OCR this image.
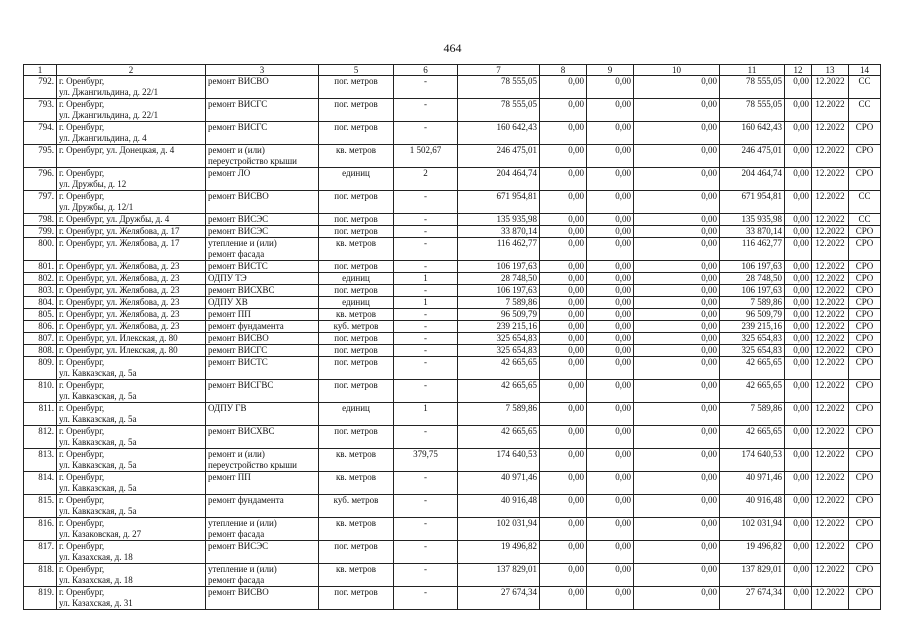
464
1	2	3	5	6	7	8	9	10	11	12	13	14
792.	г. Оренбург,
ул. Джангильдина, д. 22/1	ремонт ВИСВО	пог. метров	-	78 555,05	0,00	0,00	0,00	78 555,05	0,00	12.2022	СС
793.	г. Оренбург,
ул. Джангильдина, д. 22/1	ремонт ВИСГС	пог. метров	-	78 555,05	0,00	0,00	0,00	78 555,05	0,00	12.2022	СС
794.	г. Оренбург,
ул. Джангильдина, д. 4	ремонт ВИСГС	пог. метров	-	160 642,43	0,00	0,00	0,00	160 642,43	0,00	12.2022	СРО
795.	г. Оренбург, ул. Донецкая, д. 4	ремонт и (или)
переустройство крыши	кв. метров	1 502,67	246 475,01	0,00	0,00	0,00	246 475,01	0,00	12.2022	СРО
796.	г. Оренбург,
ул. Дружбы, д. 12	ремонт ЛО	единиц	2	204 464,74	0,00	0,00	0,00	204 464,74	0,00	12.2022	СРО
797.	г. Оренбург,
ул. Дружбы, д. 12/1	ремонт ВИСВО	пог. метров	-	671 954,81	0,00	0,00	0,00	671 954,81	0,00	12.2022	СС
798.	г. Оренбург, ул. Дружбы, д. 4	ремонт ВИСЭС	пог. метров	-	135 935,98	0,00	0,00	0,00	135 935,98	0,00	12.2022	СС
799.	г. Оренбург, ул. Желябова, д. 17	ремонт ВИСЭС	пог. метров	-	33 870,14	0,00	0,00	0,00	33 870,14	0,00	12.2022	СРО
800.	г. Оренбург, ул. Желябова, д. 17	утепление и (или)
ремонт фасада	кв. метров	-	116 462,77	0,00	0,00	0,00	116 462,77	0,00	12.2022	СРО
801.	г. Оренбург, ул. Желябова, д. 23	ремонт ВИСТС	пог. метров	-	106 197,63	0,00	0,00	0,00	106 197,63	0,00	12.2022	СРО
802.	г. Оренбург, ул. Желябова, д. 23	ОДПУ ТЭ	единиц	1	28 748,50	0,00	0,00	0,00	28 748,50	0,00	12.2022	СРО
803.	г. Оренбург, ул. Желябова, д. 23	ремонт ВИСХВС	пог. метров	-	106 197,63	0,00	0,00	0,00	106 197,63	0,00	12.2022	СРО
804.	г. Оренбург, ул. Желябова, д. 23	ОДПУ ХВ	единиц	1	7 589,86	0,00	0,00	0,00	7 589,86	0,00	12.2022	СРО
805.	г. Оренбург, ул. Желябова, д. 23	ремонт ПП	кв. метров	-	96 509,79	0,00	0,00	0,00	96 509,79	0,00	12.2022	СРО
806.	г. Оренбург, ул. Желябова, д. 23	ремонт фундамента	куб. метров	-	239 215,16	0,00	0,00	0,00	239 215,16	0,00	12.2022	СРО
807.	г. Оренбург, ул. Илекская, д. 80	ремонт ВИСВО	пог. метров	-	325 654,83	0,00	0,00	0,00	325 654,83	0,00	12.2022	СРО
808.	г. Оренбург, ул. Илекская, д. 80	ремонт ВИСГС	пог. метров	-	325 654,83	0,00	0,00	0,00	325 654,83	0,00	12.2022	СРО
809.	г. Оренбург,
ул. Кавказская, д. 5а	ремонт ВИСТС	пог. метров	-	42 665,65	0,00	0,00	0,00	42 665,65	0,00	12.2022	СРО
810.	г. Оренбург,
ул. Кавказская, д. 5а	ремонт ВИСГВС	пог. метров	-	42 665,65	0,00	0,00	0,00	42 665,65	0,00	12.2022	СРО
811.	г. Оренбург,
ул. Кавказская, д. 5а	ОДПУ ГВ	единиц	1	7 589,86	0,00	0,00	0,00	7 589,86	0,00	12.2022	СРО
812.	г. Оренбург,
ул. Кавказская, д. 5а	ремонт ВИСХВС	пог. метров	-	42 665,65	0,00	0,00	0,00	42 665,65	0,00	12.2022	СРО
813.	г. Оренбург,
ул. Кавказская, д. 5а	ремонт и (или)
переустройство крыши	кв. метров	379,75	174 640,53	0,00	0,00	0,00	174 640,53	0,00	12.2022	СРО
814.	г. Оренбург,
ул. Кавказская, д. 5а	ремонт ПП	кв. метров	-	40 971,46	0,00	0,00	0,00	40 971,46	0,00	12.2022	СРО
815.	г. Оренбург,
ул. Кавказская, д. 5а	ремонт фундамента	куб. метров	-	40 916,48	0,00	0,00	0,00	40 916,48	0,00	12.2022	СРО
816.	г. Оренбург,
ул. Казаковская, д. 27	утепление и (или)
ремонт фасада	кв. метров	-	102 031,94	0,00	0,00	0,00	102 031,94	0,00	12.2022	СРО
817.	г. Оренбург,
ул. Казахская, д. 18	ремонт ВИСЭС	пог. метров	-	19 496,82	0,00	0,00	0,00	19 496,82	0,00	12.2022	СРО
818.	г. Оренбург,
ул. Казахская, д. 18	утепление и (или)
ремонт фасада	кв. метров	-	137 829,01	0,00	0,00	0,00	137 829,01	0,00	12.2022	СРО
819.	г. Оренбург,
ул. Казахская, д. 31	ремонт ВИСВО	пог. метров	-	27 674,34	0,00	0,00	0,00	27 674,34	0,00	12.2022	СРО
